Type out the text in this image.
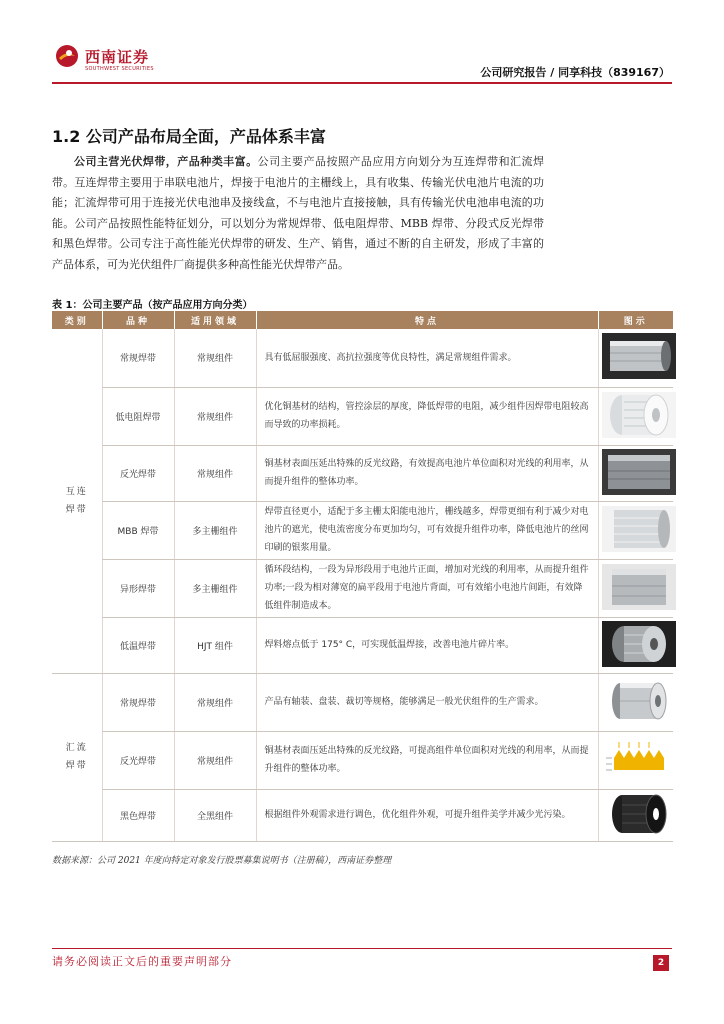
西南证券
SOUTHWEST SECURITIES	公司研究报告 / 同享科技（839167）
1.2 公司产品布局全面，产品体系丰富
公司主营光伏焊带，产品种类丰富。公司主要产品按照产品应用方向划分为互连焊带和汇流焊带。互连焊带主要用于串联电池片，焊接于电池片的主栅线上，具有收集、传输光伏电池片电流的功能；汇流焊带可用于连接光伏电池串及接线盒，不与电池片直接接触，具有传输光伏电池串电流的功能。公司产品按照性能特征划分，可以划分为常规焊带、低电阻焊带、MBB 焊带、分段式反光焊带和黑色焊带。公司专注于高性能光伏焊带的研发、生产、销售，通过不断的自主研发，形成了丰富的产品体系，可为光伏组件厂商提供多种高性能光伏焊带产品。
表 1：公司主要产品（按产品应用方向分类）
类别	品种	适用领域	特点	图示
互连
焊带	常规焊带	常规组件	具有低屈服强度、高抗拉强度等优良特性，满足常规组件需求。	
	低电阻焊带	常规组件	优化铜基材的结构，管控涂层的厚度，降低焊带的电阻，减少组件因焊带电阻较高而导致的功率损耗。	
	反光焊带	常规组件	铜基材表面压延出特殊的反光纹路，有效提高电池片单位面积对光线的利用率，从而提升组件的整体功率。	
	MBB 焊带	多主栅组件	焊带直径更小，适配于多主栅太阳能电池片，栅线越多，焊带更细有利于减少对电池片的遮光，使电流密度分布更加均匀，可有效提升组件功率，降低电池片的丝网印刷的银浆用量。	
	异形焊带	多主栅组件	循环段结构，一段为异形段用于电池片正面，增加对光线的利用率，从而提升组件功率;一段为相对薄宽的扁平段用于电池片背面，可有效缩小电池片间距，有效降低组件制造成本。	
	低温焊带	HJT 组件	焊料熔点低于 175° C，可实现低温焊接，改善电池片碎片率。	
汇流
焊带	常规焊带	常规组件	产品有轴装、盘装、裁切等规格，能够满足一般光伏组件的生产需求。	
	反光焊带	常规组件	铜基材表面压延出特殊的反光纹路，可提高组件单位面积对光线的利用率，从而提升组件的整体功率。	
	黑色焊带	全黑组件	根据组件外观需求进行调色，优化组件外观，可提升组件美学并减少光污染。	
数据来源：公司 2021 年度向特定对象发行股票募集说明书（注册稿），西南证券整理
请务必阅读正文后的重要声明部分	2
